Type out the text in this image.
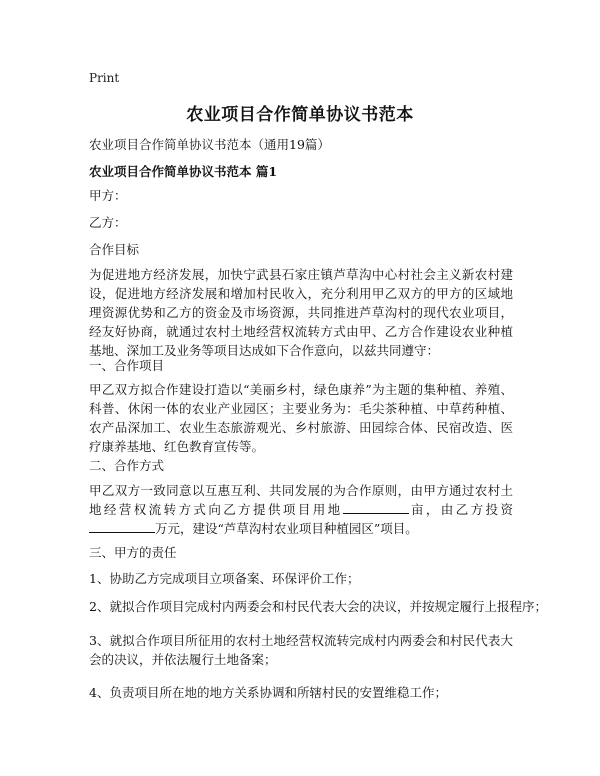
Print
农业项目合作简单协议书范本
农业项目合作简单协议书范本（通用19篇）
农业项目合作简单协议书范本 篇1
甲方：
乙方：
合作目标
为促进地方经济发展，加快宁武县石家庄镇芦草沟中心村社会主义新农村建设，促进地方经济发展和增加村民收入，充分利用甲乙双方的甲方的区域地理资源优势和乙方的资金及市场资源，共同推进芦草沟村的现代农业项目，经友好协商，就通过农村土地经营权流转方式由甲、乙方合作建设农业种植基地、深加工及业务等项目达成如下合作意向，以兹共同遵守：
一、合作项目
甲乙双方拟合作建设打造以“美丽乡村，绿色康养”为主题的集种植、养殖、科普、休闲一体的农业产业园区；主要业务为：毛尖茶种植、中草药种植、农产品深加工、农业生态旅游观光、乡村旅游、田园综合体、民宿改造、医疗康养基地、红色教育宣传等。
二、合作方式
甲乙双方一致同意以互惠互利、共同发展的为合作原则，由甲方通过农村土地经营权流转方式向乙方提供项目用地	亩，由乙方投资万元，建设“芦草沟村农业项目种植园区”项目。
三、甲方的责任
1、协助乙方完成项目立项备案、环保评价工作；
2、就拟合作项目完成村内两委会和村民代表大会的决议，并按规定履行上报程序；
3、就拟合作项目所征用的农村土地经营权流转完成村内两委会和村民代表大会的决议，并依法履行土地备案；
4、负责项目所在地的地方关系协调和所辖村民的安置维稳工作；
